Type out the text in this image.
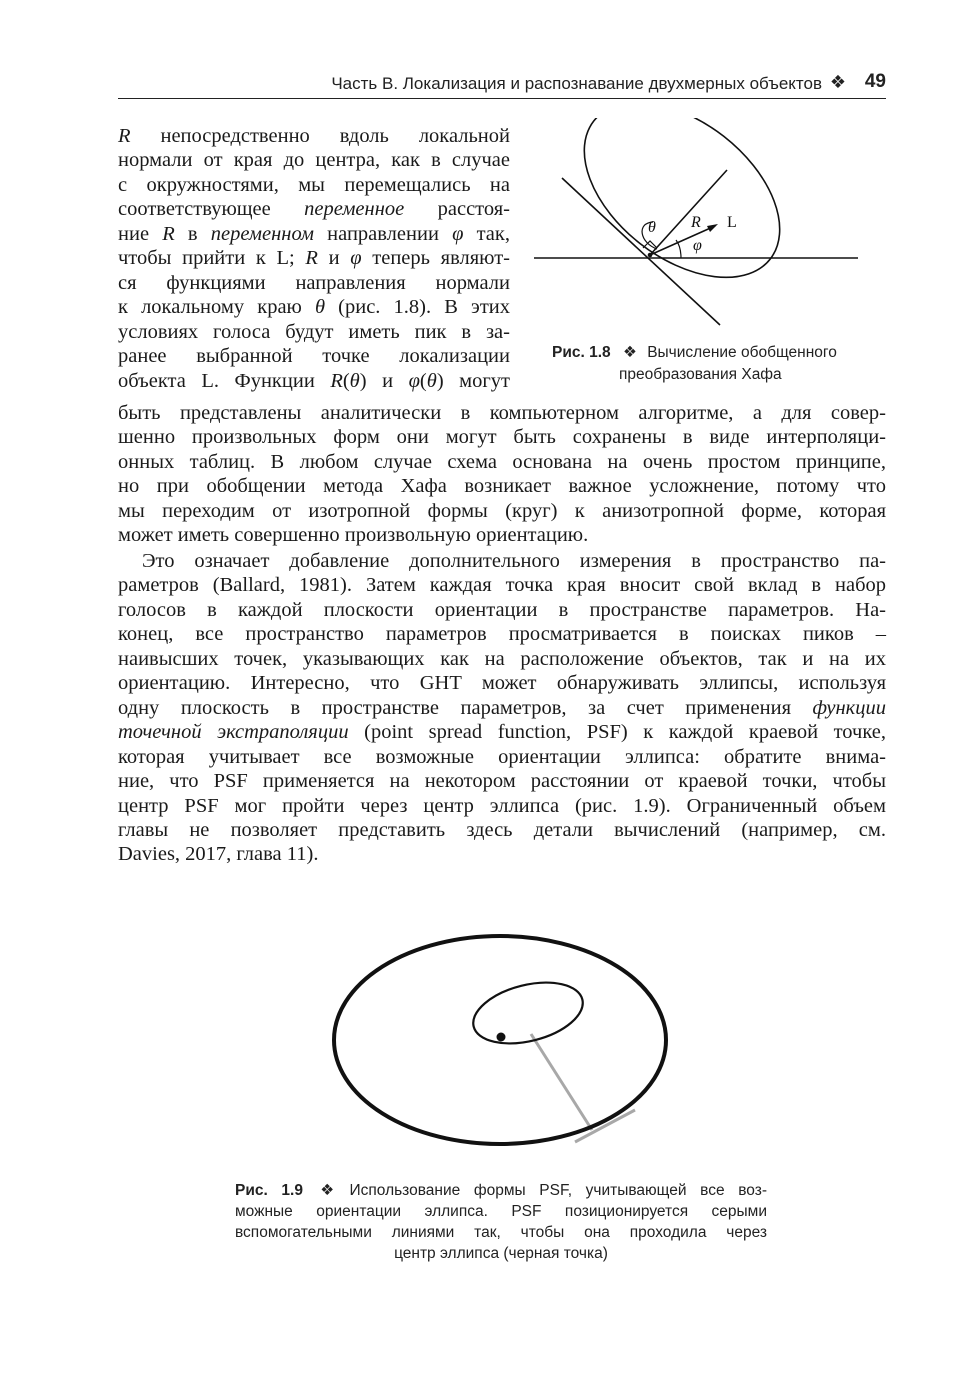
Часть B. Локализация и распознавание двухмерных объектов ❖ 49
R непосредственно вдоль локальной
нормали от края до центра, как в случае
с окружностями, мы перемещались на
соответствующее переменное расстоя-
ние R в переменном направлении φ так,
чтобы прийти к L; R и φ теперь являют-
ся функциями направления нормали
к локальному краю θ (рис. 1.8). В этих
условиях голоса будут иметь пик в за-
ранее выбранной точке локализации
объекта L. Функции R(θ) и φ(θ) могут
быть представлены аналитически в компьютерном алгоритме, а для совер-
шенно произвольных форм они могут быть сохранены в виде интерполяци-
онных таблиц. В любом случае схема основана на очень простом принципе,
но при обобщении метода Хафа возникает важное усложнение, потому что
мы переходим от изотропной формы (круг) к анизотропной форме, которая
может иметь совершенно произвольную ориентацию.
Это означает добавление дополнительного измерения в пространство па-
раметров (Ballard, 1981). Затем каждая точка края вносит свой вклад в набор
голосов в каждой плоскости ориентации в пространстве параметров. На-
конец, все пространство параметров просматривается в поисках пиков –
наивысших точек, указывающих как на расположение объектов, так и на их
ориентацию. Интересно, что GHT может обнаруживать эллипсы, используя
одну плоскость в пространстве параметров, за счет применения функции
точечной экстраполяции (point spread function, PSF) к каждой краевой точке,
которая учитывает все возможные ориентации эллипса: обратите внима-
ние, что PSF применяется на некотором расстоянии от краевой точки, чтобы
центр PSF мог пройти через центр эллипса (рис. 1.9). Ограниченный объем
главы не позволяет представить здесь детали вычислений (например, см.
Davies, 2017, глава 11).
θ R L
φ
Рис. 1.8 ❖ Вычисление обобщенного
преобразования Хафа
Рис. 1.9 ❖ Использование формы PSF, учитывающей все воз-
можные ориентации эллипса. PSF позиционируется серыми
вспомогательными линиями так, чтобы она проходила через
центр эллипса (черная точка)
